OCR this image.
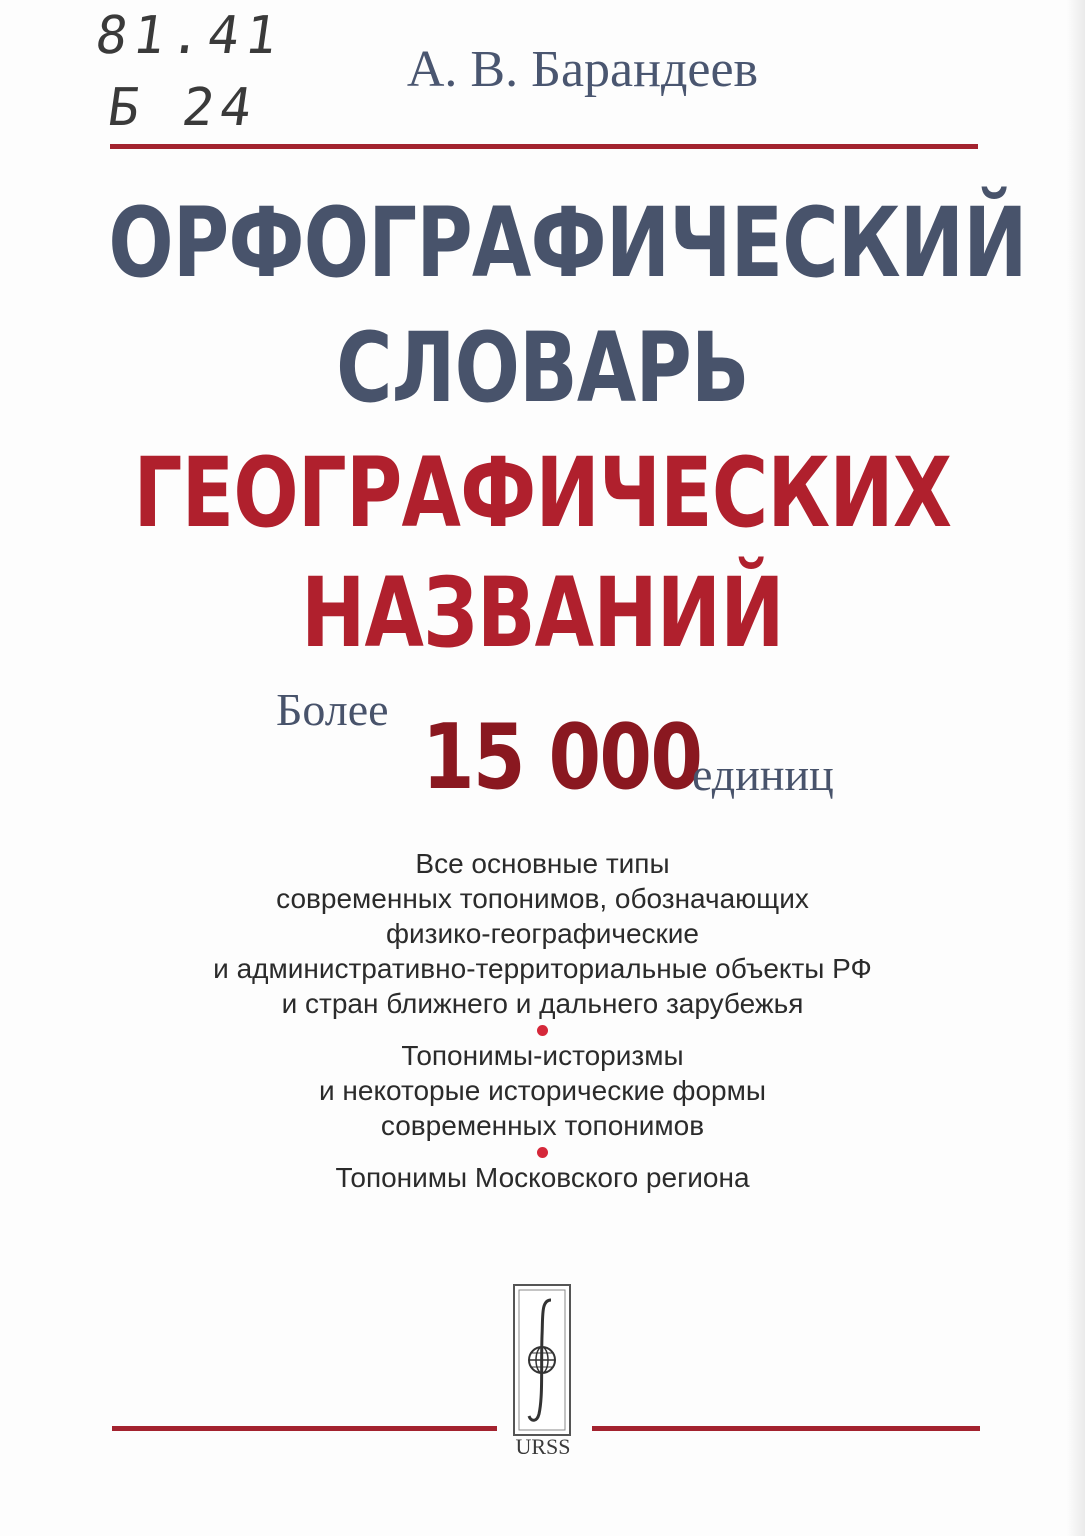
81.41
Б 24
А. В. Барандеев
ОРФОГРАФИЧЕСКИЙ
СЛОВАРЬ
ГЕОГРАФИЧЕСКИХ
НАЗВАНИЙ
Более 15 000
единиц
Все основные типы
современных топонимов, обозначающих
физико-географические
и административно-территориальные объекты РФ
и стран ближнего и дальнего зарубежья
Топонимы-историзмы
и некоторые исторические формы
современных топонимов
Топонимы Московского региона
URSS
